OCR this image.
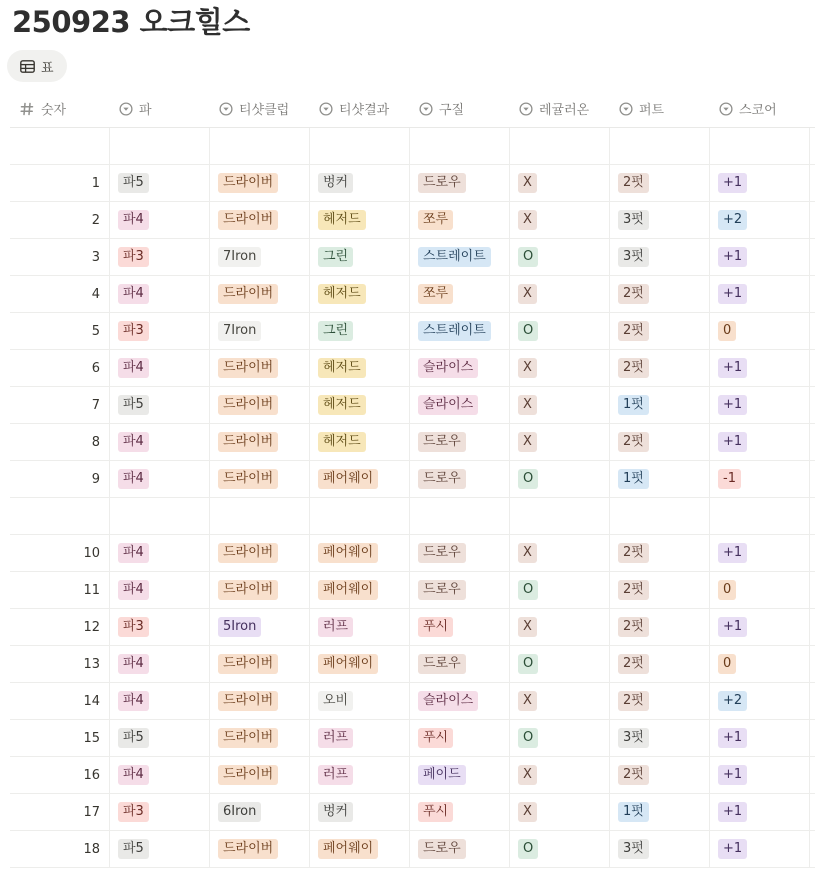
250923 오크힐스
표
숫자	파	티샷클럽	티샷결과	구질	레귤러온	퍼트	스코어
1	파5	드라이버	벙커	드로우	X	2펏	+1
2	파4	드라이버	헤저드	쪼루	X	3펏	+2
3	파3	7Iron	그린	스트레이트	O	3펏	+1
4	파4	드라이버	헤저드	쪼루	X	2펏	+1
5	파3	7Iron	그린	스트레이트	O	2펏	0
6	파4	드라이버	헤저드	슬라이스	X	2펏	+1
7	파5	드라이버	헤저드	슬라이스	X	1펏	+1
8	파4	드라이버	헤저드	드로우	X	2펏	+1
9	파4	드라이버	페어웨이	드로우	O	1펏	-1
10	파4	드라이버	페어웨이	드로우	X	2펏	+1
11	파4	드라이버	페어웨이	드로우	O	2펏	0
12	파3	5Iron	러프	푸시	X	2펏	+1
13	파4	드라이버	페어웨이	드로우	O	2펏	0
14	파4	드라이버	오비	슬라이스	X	2펏	+2
15	파5	드라이버	러프	푸시	O	3펏	+1
16	파4	드라이버	러프	페이드	X	2펏	+1
17	파3	6Iron	벙커	푸시	X	1펏	+1
18	파5	드라이버	페어웨이	드로우	O	3펏	+1
